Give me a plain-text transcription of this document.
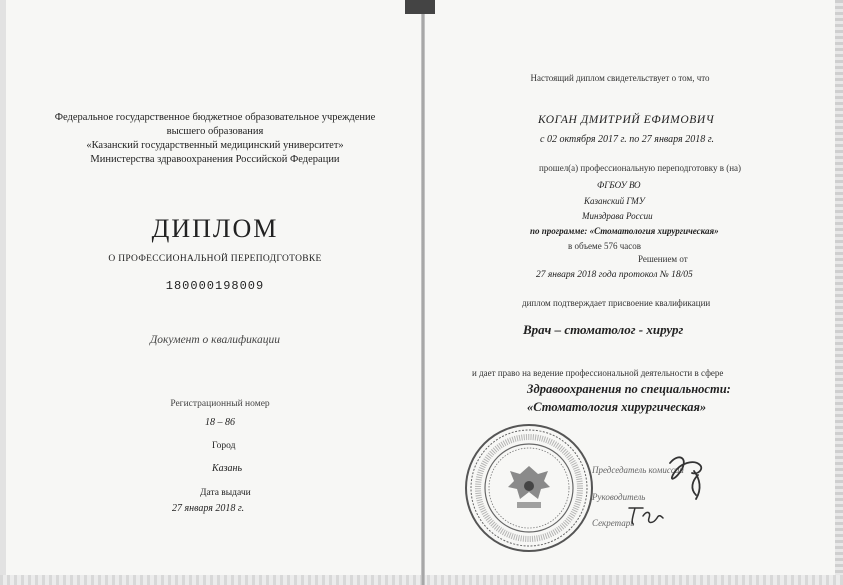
Федеральное государственное бюджетное образовательное учреждение
высшего образования
«Казанский государственный медицинский университет»
Министерства здравоохранения Российской Федерации
ДИПЛОМ
О ПРОФЕССИОНАЛЬНОЙ ПЕРЕПОДГОТОВКЕ
180000198009
Документ о квалификации
Регистрационный номер
18 – 86
Город
Казань
Дата выдачи
27 января 2018 г.
Настоящий диплом свидетельствует о том, что
КОГАН ДМИТРИЙ ЕФИМОВИЧ
с 02 октября 2017 г. по 27 января 2018 г.
прошел(а) профессиональную переподготовку в (на)
ФГБОУ ВО
Казанский ГМУ
Минздрава России
по программе: «Стоматология хирургическая»
в объеме 576 часов
Решением от
27 января 2018 года протокол № 18/05
диплом подтверждает присвоение квалификации
Врач – стоматолог - хирург
и дает право на ведение профессиональной деятельности в сфере
Здравоохранения по специальности:
«Стоматология хирургическая»
Председатель комиссии
Руководитель
Секретарь
